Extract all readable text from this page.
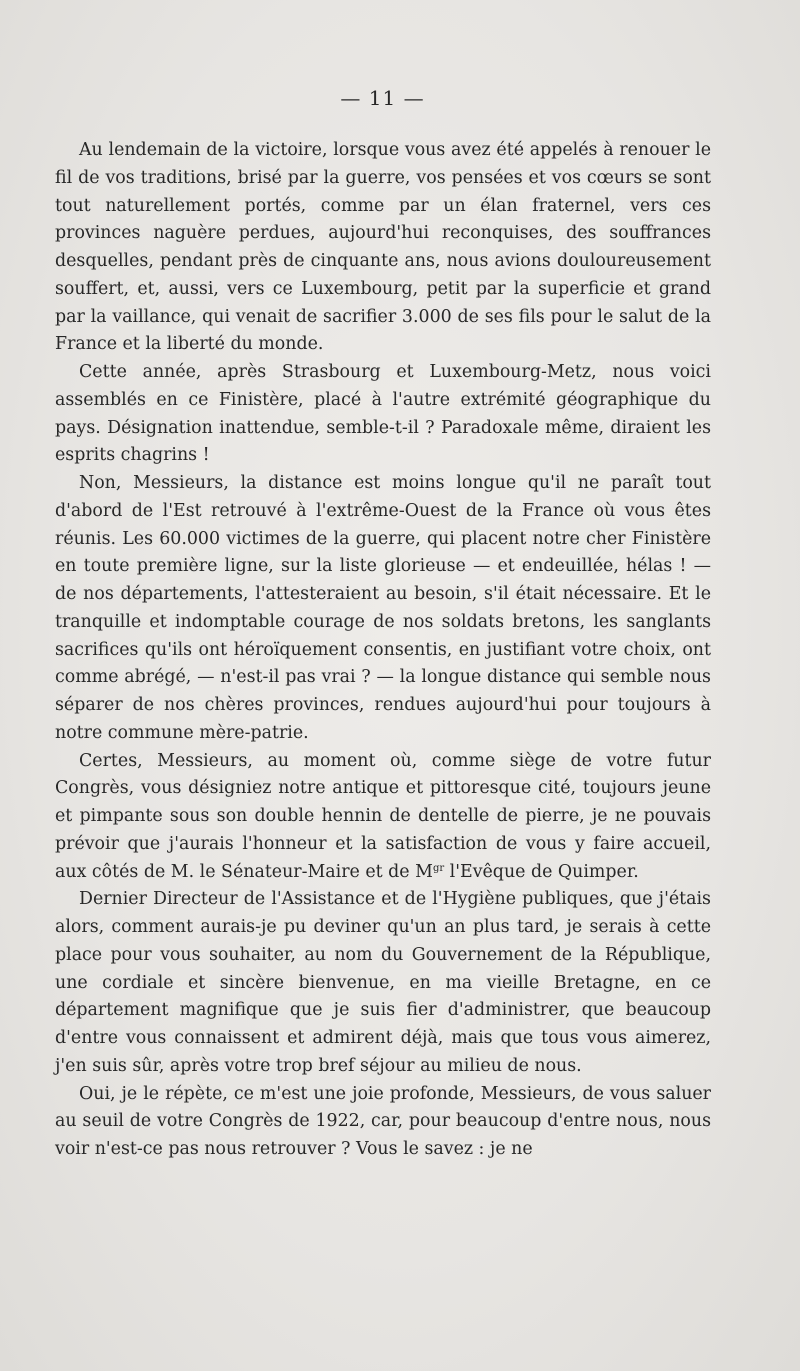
— 11 —

Au lendemain de la victoire, lorsque vous avez été appelés à renouer le fil de vos traditions, brisé par la guerre, vos pensées et vos cœurs se sont tout naturellement portés, comme par un élan fraternel, vers ces provinces naguère perdues, aujourd'hui reconquises, des souffrances desquelles, pendant près de cinquante ans, nous avions douloureusement souffert, et, aussi, vers ce Luxembourg, petit par la superficie et grand par la vaillance, qui venait de sacrifier 3.000 de ses fils pour le salut de la France et la liberté du monde.

Cette année, après Strasbourg et Luxembourg-Metz, nous voici assemblés en ce Finistère, placé à l'autre extrémité géographique du pays. Désignation inattendue, semble-t-il ? Paradoxale même, diraient les esprits chagrins !

Non, Messieurs, la distance est moins longue qu'il ne paraît tout d'abord de l'Est retrouvé à l'extrême-Ouest de la France où vous êtes réunis. Les 60.000 victimes de la guerre, qui placent notre cher Finistère en toute première ligne, sur la liste glorieuse — et endeuillée, hélas ! — de nos départements, l'attesteraient au besoin, s'il était nécessaire. Et le tranquille et indomptable courage de nos soldats bretons, les sanglants sacrifices qu'ils ont héroïquement consentis, en justifiant votre choix, ont comme abrégé, — n'est-il pas vrai ? — la longue distance qui semble nous séparer de nos chères provinces, rendues aujourd'hui pour toujours à notre commune mère-patrie.

Certes, Messieurs, au moment où, comme siège de votre futur Congrès, vous désigniez notre antique et pittoresque cité, toujours jeune et pimpante sous son double hennin de dentelle de pierre, je ne pouvais prévoir que j'aurais l'honneur et la satisfaction de vous y faire accueil, aux côtés de M. le Sénateur-Maire et de $M^{gr}$ l'Evêque de Quimper.

Dernier Directeur de l'Assistance et de l'Hygiène publiques, que j'étais alors, comment aurais-je pu deviner qu'un an plus tard, je serais à cette place pour vous souhaiter, au nom du Gouvernement de la République, une cordiale et sincère bienvenue, en ma vieille Bretagne, en ce département magnifique que je suis fier d'administrer, que beaucoup d'entre vous connaissent et admirent déjà, mais que tous vous aimerez, j'en suis sûr, après votre trop bref séjour au milieu de nous.

Oui, je le répète, ce m'est une joie profonde, Messieurs, de vous saluer au seuil de votre Congrès de 1922, car, pour beaucoup d'entre nous, nous voir n'est-ce pas nous retrouver ? Vous le savez : je ne
